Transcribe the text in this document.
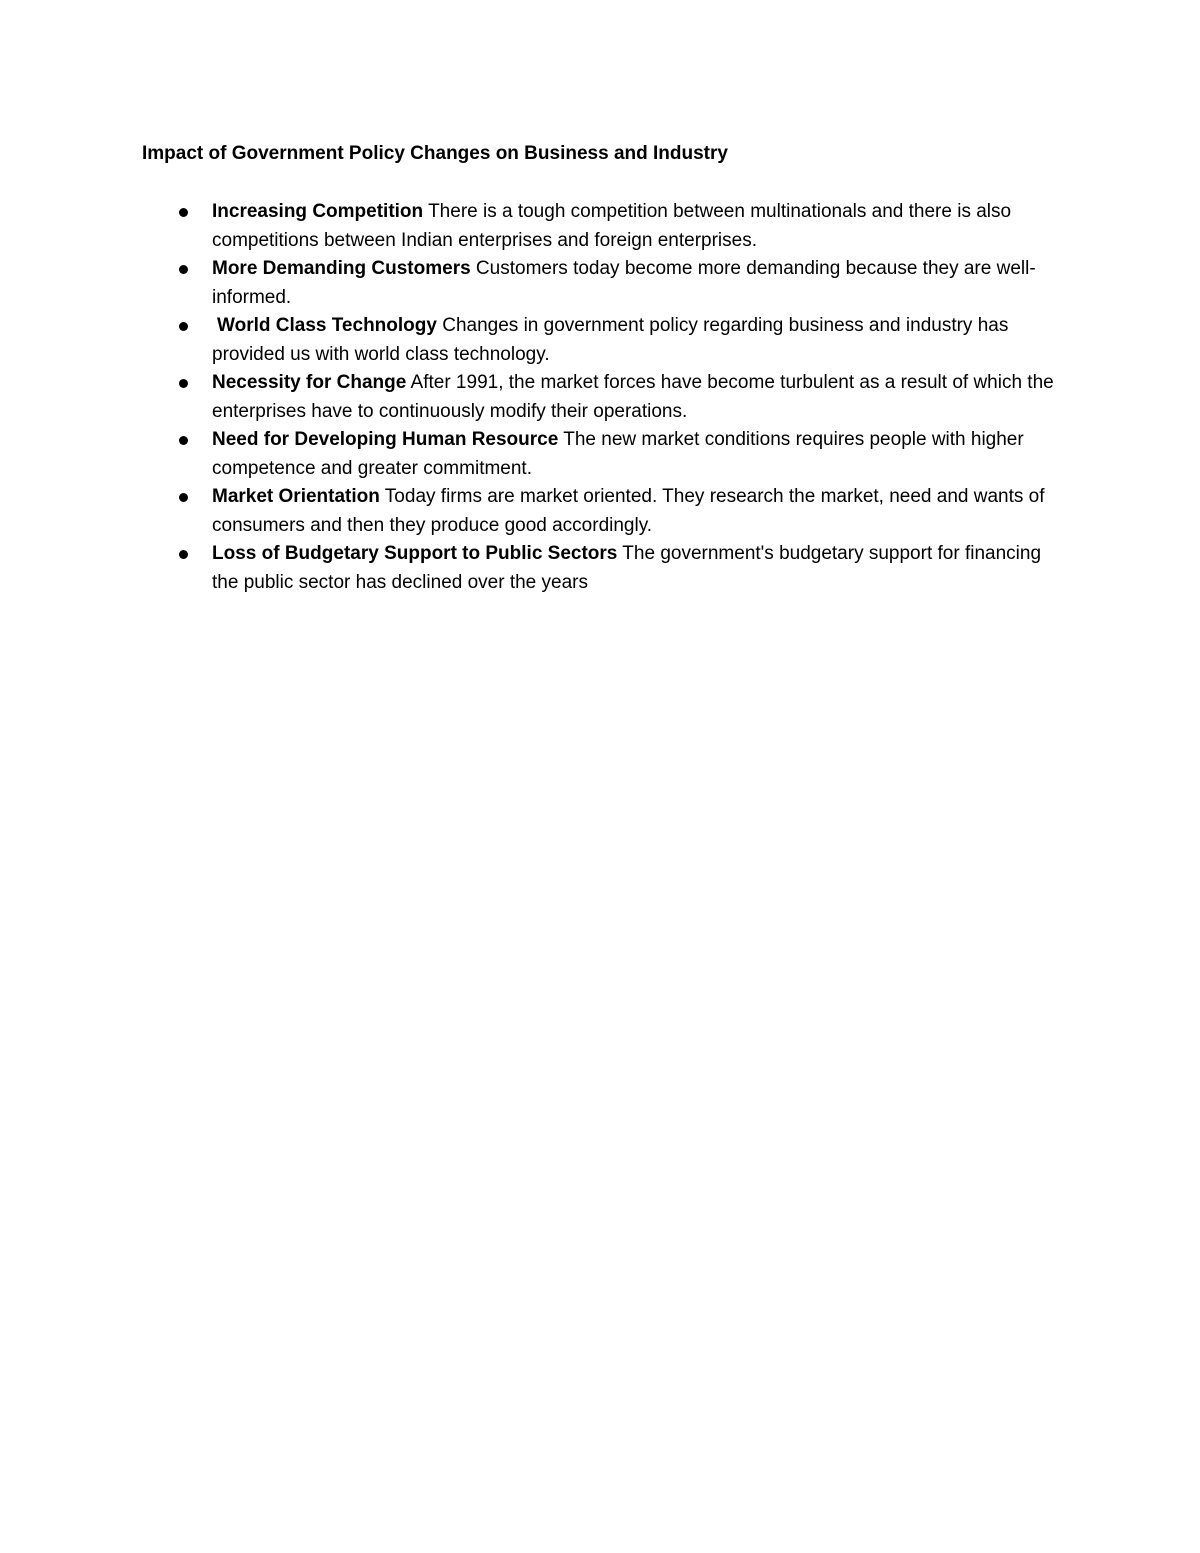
Impact of Government Policy Changes on Business and Industry
Increasing Competition There is a tough competition between multinationals and there is also competitions between Indian enterprises and foreign enterprises.
More Demanding Customers Customers today become more demanding because they are well-informed.
World Class Technology Changes in government policy regarding business and industry has provided us with world class technology.
Necessity for Change After 1991, the market forces have become turbulent as a result of which the enterprises have to continuously modify their operations.
Need for Developing Human Resource The new market conditions requires people with higher competence and greater commitment.
Market Orientation Today firms are market oriented. They research the market, need and wants of consumers and then they produce good accordingly.
Loss of Budgetary Support to Public Sectors The government's budgetary support for financing the public sector has declined over the years
